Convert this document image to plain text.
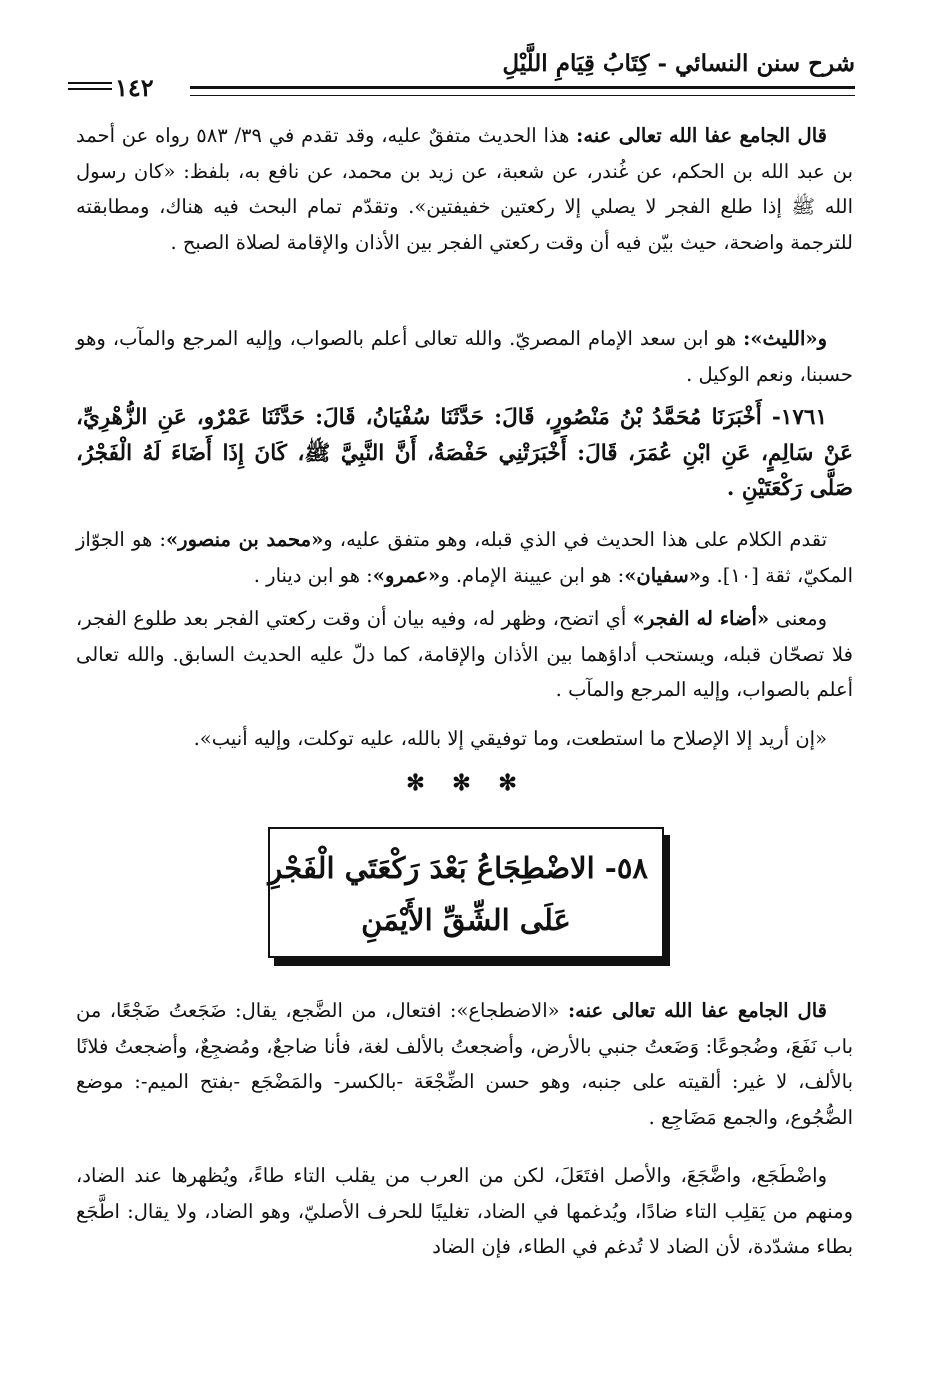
شرح سنن النسائي - كِتَابُ قِيَامِ اللَّيْلِ
١٤٢
قال الجامع عفا الله تعالى عنه: هذا الحديث متفقٌ عليه، وقد تقدم في ٣٩/ ٥٨٣ رواه عن أحمد بن عبد الله بن الحكم، عن غُندر، عن شعبة، عن زيد بن محمد، عن نافع به، بلفظ: «كان رسول الله ﷺ إذا طلع الفجر لا يصلي إلا ركعتين خفيفتين». وتقدّم تمام البحث فيه هناك، ومطابقته للترجمة واضحة، حيث بيّن فيه أن وقت ركعتي الفجر بين الأذان والإقامة لصلاة الصبح .
و«الليث»: هو ابن سعد الإمام المصريّ. والله تعالى أعلم بالصواب، وإليه المرجع والمآب، وهو حسبنا، ونعم الوكيل .
١٧٦١- أَخْبَرَنَا مُحَمَّدُ بْنُ مَنْصُورٍ، قَالَ: حَدَّثَنَا سُفْيَانُ، قَالَ: حَدَّثَنَا عَمْرٌو، عَنِ الزُّهْرِيِّ، عَنْ سَالِمٍ، عَنِ ابْنِ عُمَرَ، قَالَ: أَخْبَرَتْنِي حَفْصَةُ، أَنَّ النَّبِيَّ ﷺ، كَانَ إِذَا أَضَاءَ لَهُ الْفَجْرُ، صَلَّى رَكْعَتَيْنِ .
تقدم الكلام على هذا الحديث في الذي قبله، وهو متفق عليه، و«محمد بن منصور»: هو الجوّاز المكيّ، ثقة [١٠]. و«سفيان»: هو ابن عيينة الإمام. و«عمرو»: هو ابن دينار .
ومعنى «أضاء له الفجر» أي اتضح، وظهر له، وفيه بيان أن وقت ركعتي الفجر بعد طلوع الفجر، فلا تصحّان قبله، ويستحب أداؤهما بين الأذان والإقامة، كما دلّ عليه الحديث السابق. والله تعالى أعلم بالصواب، وإليه المرجع والمآب .
«إن أريد إلا الإصلاح ما استطعت، وما توفيقي إلا بالله، عليه توكلت، وإليه أنيب».
✻ ✻ ✻
٥٨- الاضْطِجَاعُ بَعْدَ رَكْعَتَي الْفَجْرِ
عَلَى الشِّقِّ الأَيْمَنِ
قال الجامع عفا الله تعالى عنه: «الاضطجاع»: افتعال، من الضَّجع، يقال: ضَجَعتُ ضَجْعًا، من باب نَفَعَ، وضُجوعًا: وَضَعتُ جنبي بالأرض، وأضجعتُ بالألف لغة، فأنا ضاجعٌ، ومُضجِعٌ، وأضجعتُ فلانًا بالألف، لا غير: ألقيته على جنبه، وهو حسن الضِّجْعَة -بالكسر- والمَضْجَع -بفتح الميم-: موضع الضُّجُوع، والجمع مَضَاجِع .
واضْطَجَع، واضَّجَعَ، والأصل افتَعَلَ، لكن من العرب من يقلب التاء طاءً، ويُظهرها عند الضاد، ومنهم من يَقلِب التاء ضادًا، ويُدغمها في الضاد، تغليبًا للحرف الأصليّ، وهو الضاد، ولا يقال: اطَّجَع بطاء مشدّدة، لأن الضاد لا تُدغم في الطاء، فإن الضاد
